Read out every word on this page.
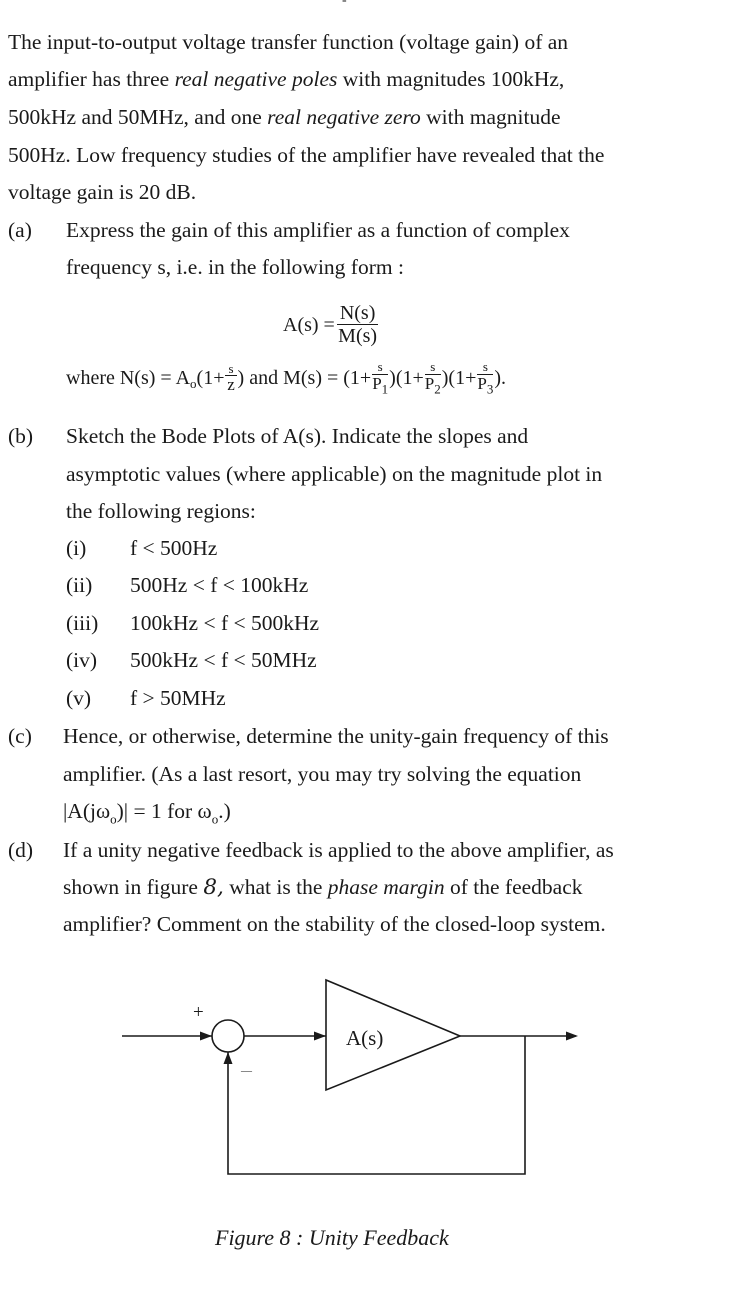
-
The input-to-output voltage transfer function (voltage gain) of an
amplifier has three real negative poles with magnitudes 100kHz,
500kHz and 50MHz, and one real negative zero with magnitude
500Hz. Low frequency studies of the amplifier have revealed that the
voltage gain is 20 dB.
(a) Express the gain of this amplifier as a function of complex
frequency s, i.e. in the following form :
$A(s) = \frac{N(s)}{M(s)}$
where $N(s) = A_o(1+ \frac{s}{z}$ ) and $M(s) = (1+ \frac{s}{P_1} )(1+ \frac{s}{P_2} )(1+ \frac{s}{P_3}$ ).
(b) Sketch the Bode Plots of A(s). Indicate the slopes and
asymptotic values (where applicable) on the magnitude plot in
the following regions:
(i) f < 500Hz
(ii) 500Hz < f < 100kHz
(iii) 100kHz < f < 500kHz
(iv) 500kHz < f < 50MHz
(v) f > 50MHz
(c) Hence, or otherwise, determine the unity-gain frequency of this
amplifier. (As a last resort, you may try solving the equation
$|A(j\omega_o)| = 1$ for $\omega_o$.)
(d) If a unity negative feedback is applied to the above amplifier, as
shown in figure 8, what is the phase margin of the feedback
amplifier? Comment on the stability of the closed-loop system.
+
—
A(s)
Figure 8 : Unity Feedback
